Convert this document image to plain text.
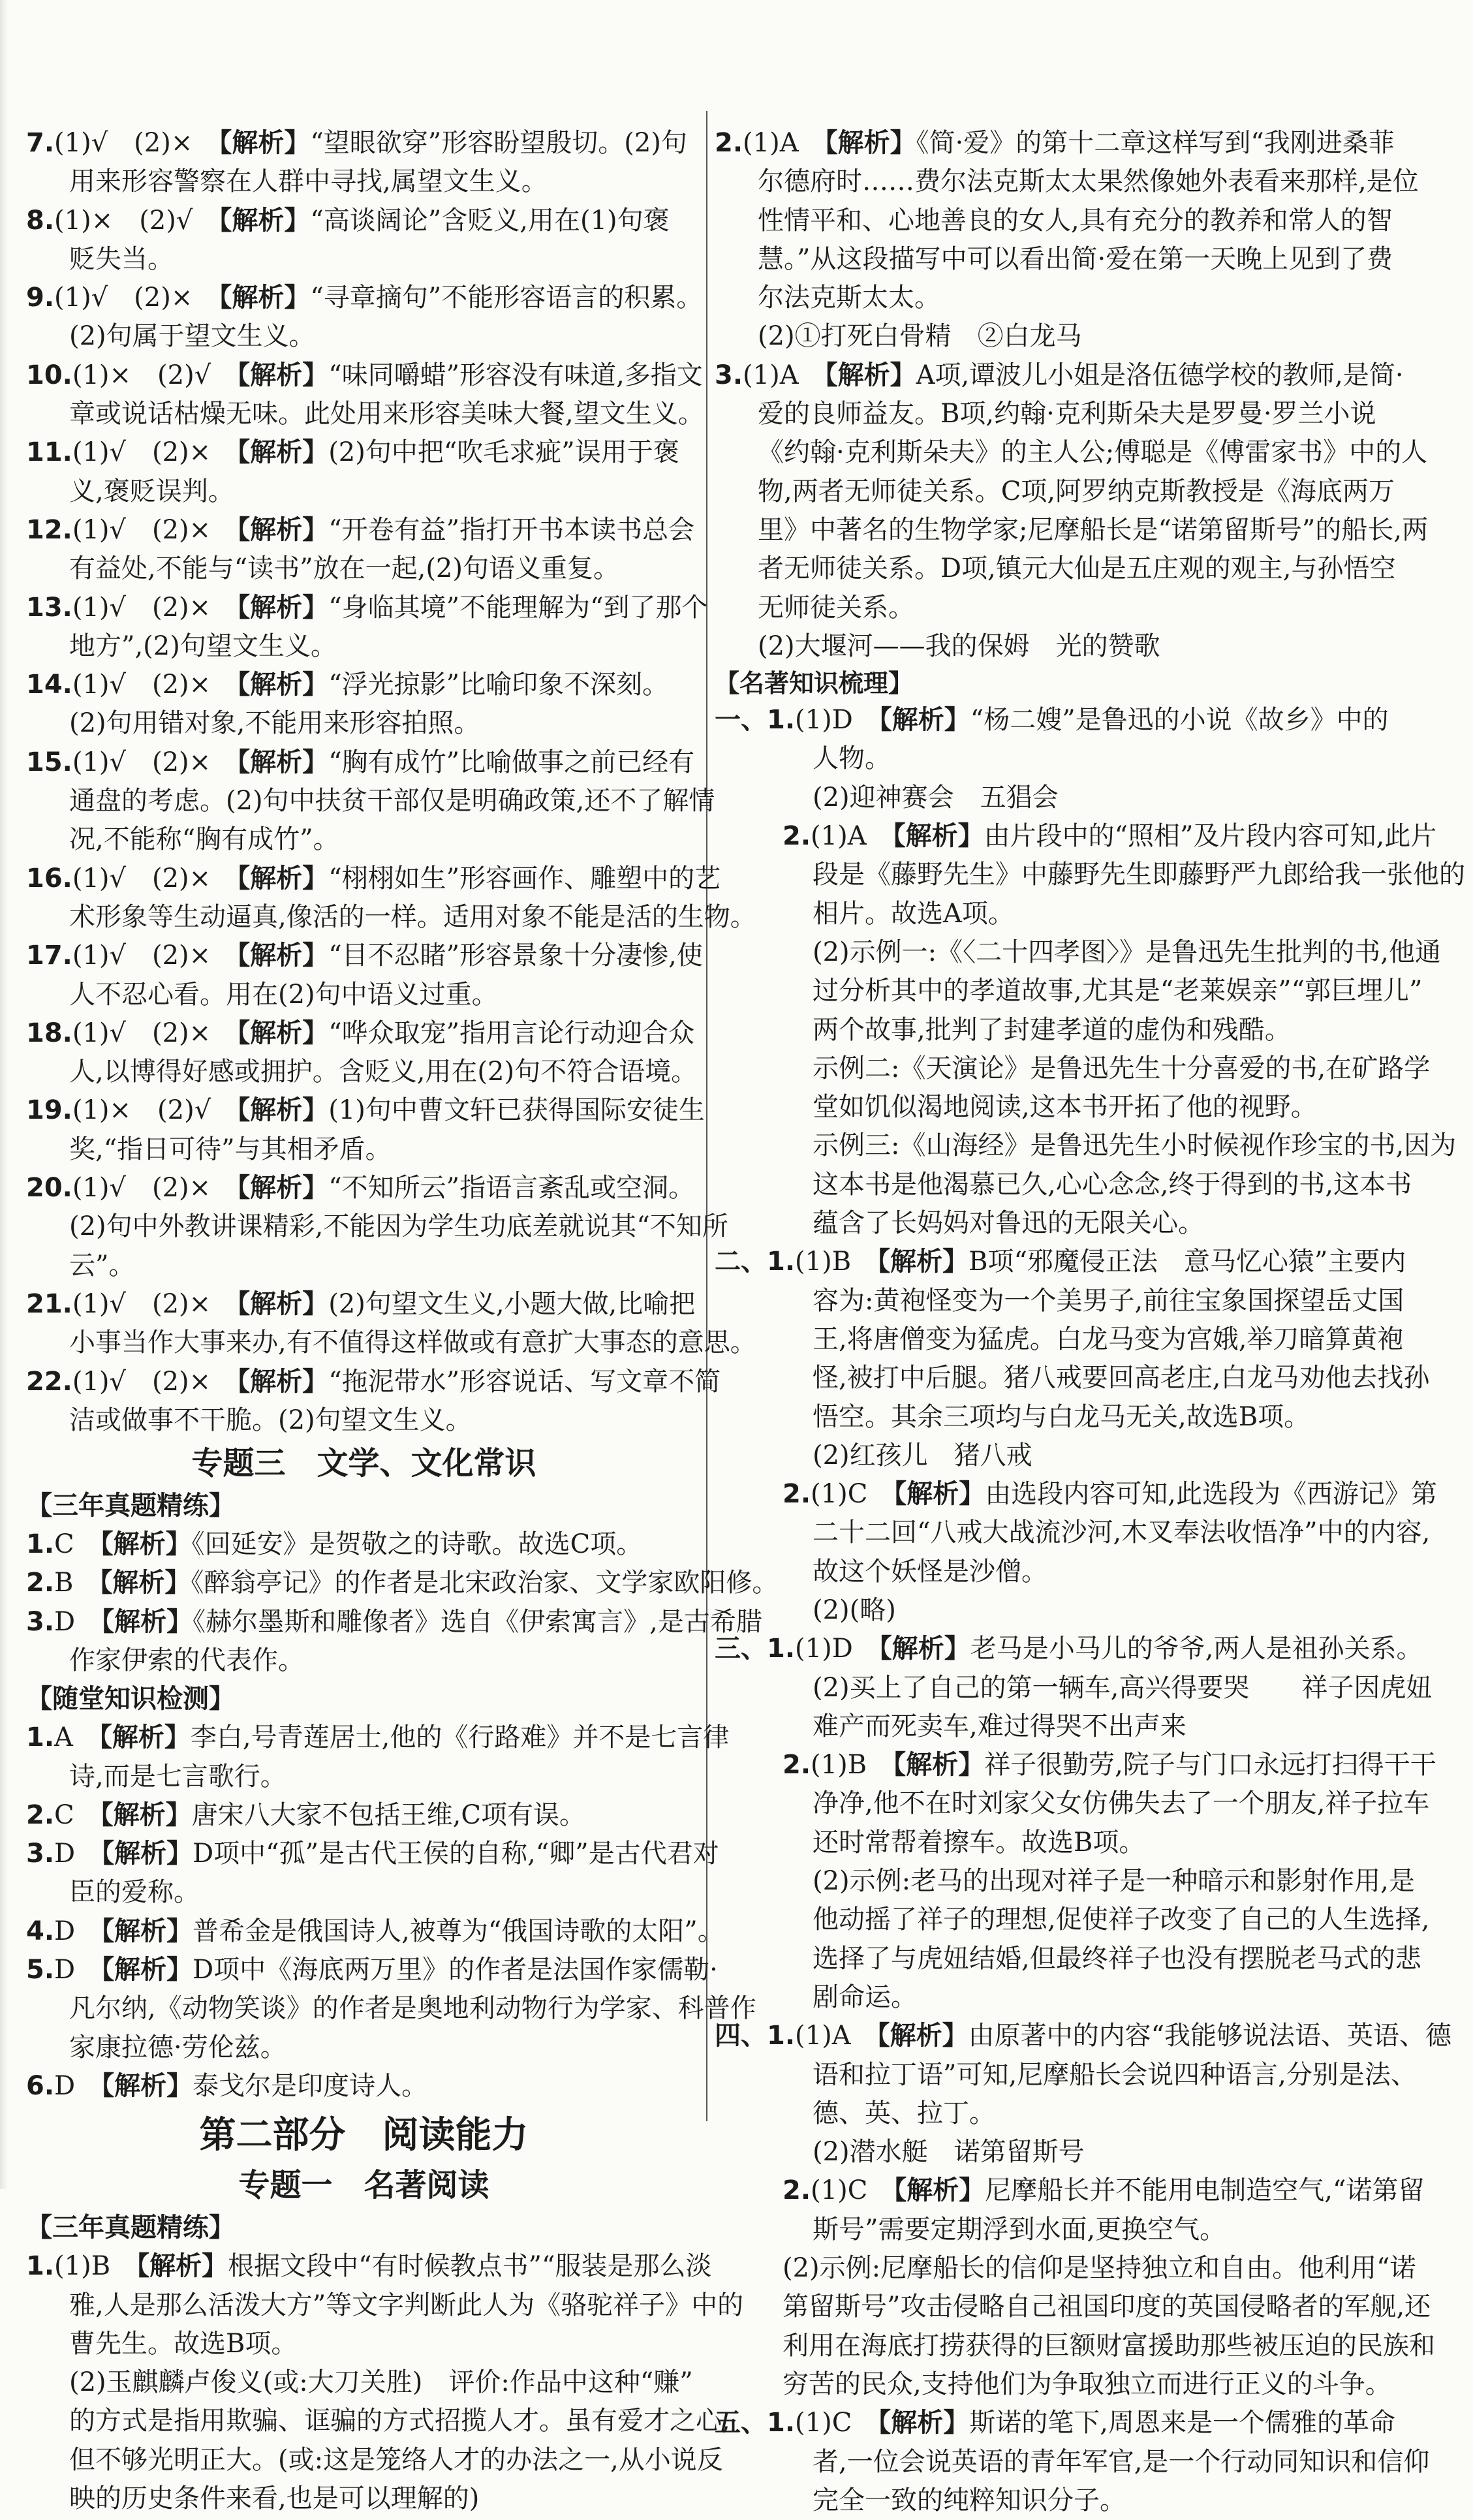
7.(1)√　(2)×　【解析】“望眼欲穿”形容盼望殷切。(2)句

用来形容警察在人群中寻找,属望文生义。

8.(1)×　(2)√　【解析】“高谈阔论”含贬义,用在(1)句褒

贬失当。

9.(1)√　(2)×　【解析】“寻章摘句”不能形容语言的积累。

(2)句属于望文生义。

10.(1)×　(2)√　【解析】“味同嚼蜡”形容没有味道,多指文

章或说话枯燥无味。此处用来形容美味大餐,望文生义。

11.(1)√　(2)×　【解析】(2)句中把“吹毛求疵”误用于褒

义,褒贬误判。

12.(1)√　(2)×　【解析】“开卷有益”指打开书本读书总会

有益处,不能与“读书”放在一起,(2)句语义重复。

13.(1)√　(2)×　【解析】“身临其境”不能理解为“到了那个

地方”,(2)句望文生义。

14.(1)√　(2)×　【解析】“浮光掠影”比喻印象不深刻。

(2)句用错对象,不能用来形容拍照。

15.(1)√　(2)×　【解析】“胸有成竹”比喻做事之前已经有

通盘的考虑。(2)句中扶贫干部仅是明确政策,还不了解情

况,不能称“胸有成竹”。

16.(1)√　(2)×　【解析】“栩栩如生”形容画作、雕塑中的艺

术形象等生动逼真,像活的一样。适用对象不能是活的生物。

17.(1)√　(2)×　【解析】“目不忍睹”形容景象十分凄惨,使

人不忍心看。用在(2)句中语义过重。

18.(1)√　(2)×　【解析】“哗众取宠”指用言论行动迎合众

人,以博得好感或拥护。含贬义,用在(2)句不符合语境。

19.(1)×　(2)√　【解析】(1)句中曹文轩已获得国际安徒生

奖,“指日可待”与其相矛盾。

20.(1)√　(2)×　【解析】“不知所云”指语言紊乱或空洞。

(2)句中外教讲课精彩,不能因为学生功底差就说其“不知所

云”。

21.(1)√　(2)×　【解析】(2)句望文生义,小题大做,比喻把

小事当作大事来办,有不值得这样做或有意扩大事态的意思。

22.(1)√　(2)×　【解析】“拖泥带水”形容说话、写文章不简

洁或做事不干脆。(2)句望文生义。

专题三　文学、文化常识
【三年真题精练】

1.C　【解析】《回延安》是贺敬之的诗歌。故选C项。

2.B　【解析】《醉翁亭记》的作者是北宋政治家、文学家欧阳修。

3.D　【解析】《赫尔墨斯和雕像者》选自《伊索寓言》,是古希腊

作家伊索的代表作。

【随堂知识检测】

1.A　【解析】李白,号青莲居士,他的《行路难》并不是七言律

诗,而是七言歌行。

2.C　【解析】唐宋八大家不包括王维,C项有误。

3.D　【解析】D项中“孤”是古代王侯的自称,“卿”是古代君对

臣的爱称。

4.D　【解析】普希金是俄国诗人,被尊为“俄国诗歌的太阳”。

5.D　【解析】D项中《海底两万里》的作者是法国作家儒勒·

凡尔纳,《动物笑谈》的作者是奥地利动物行为学家、科普作

家康拉德·劳伦兹。

6.D　【解析】泰戈尔是印度诗人。

第二部分　阅读能力
专题一　名著阅读
【三年真题精练】

1.(1)B　【解析】根据文段中“有时候教点书”“服装是那么淡

雅,人是那么活泼大方”等文字判断此人为《骆驼祥子》中的

曹先生。故选B项。

(2)玉麒麟卢俊义(或:大刀关胜)　评价:作品中这种“赚”

的方式是指用欺骗、诓骗的方式招揽人才。虽有爱才之心,

但不够光明正大。(或:这是笼络人才的办法之一,从小说反

映的历史条件来看,也是可以理解的)

2.(1)A　【解析】《简·爱》的第十二章这样写到“我刚进桑菲

尔德府时……费尔法克斯太太果然像她外表看来那样,是位

性情平和、心地善良的女人,具有充分的教养和常人的智

慧。”从这段描写中可以看出简·爱在第一天晚上见到了费

尔法克斯太太。

(2)①打死白骨精　②白龙马

3.(1)A　【解析】A项,谭波儿小姐是洛伍德学校的教师,是简·

爱的良师益友。B项,约翰·克利斯朵夫是罗曼·罗兰小说

《约翰·克利斯朵夫》的主人公;傅聪是《傅雷家书》中的人

物,两者无师徒关系。C项,阿罗纳克斯教授是《海底两万

里》中著名的生物学家;尼摩船长是“诺第留斯号”的船长,两

者无师徒关系。D项,镇元大仙是五庄观的观主,与孙悟空

无师徒关系。

(2)大堰河——我的保姆　光的赞歌

【名著知识梳理】

一、1.(1)D　【解析】“杨二嫂”是鲁迅的小说《故乡》中的

人物。

(2)迎神赛会　五猖会

2.(1)A　【解析】由片段中的“照相”及片段内容可知,此片

段是《藤野先生》中藤野先生即藤野严九郎给我一张他的

相片。故选A项。

(2)示例一:《〈二十四孝图〉》是鲁迅先生批判的书,他通

过分析其中的孝道故事,尤其是“老莱娱亲”“郭巨埋儿”

两个故事,批判了封建孝道的虚伪和残酷。

示例二:《天演论》是鲁迅先生十分喜爱的书,在矿路学

堂如饥似渴地阅读,这本书开拓了他的视野。

示例三:《山海经》是鲁迅先生小时候视作珍宝的书,因为

这本书是他渴慕已久,心心念念,终于得到的书,这本书

蕴含了长妈妈对鲁迅的无限关心。

二、1.(1)B　【解析】B项“邪魔侵正法　意马忆心猿”主要内

容为:黄袍怪变为一个美男子,前往宝象国探望岳丈国

王,将唐僧变为猛虎。白龙马变为宫娥,举刀暗算黄袍

怪,被打中后腿。猪八戒要回高老庄,白龙马劝他去找孙

悟空。其余三项均与白龙马无关,故选B项。

(2)红孩儿　猪八戒

2.(1)C　【解析】由选段内容可知,此选段为《西游记》第

二十二回“八戒大战流沙河,木叉奉法收悟净”中的内容,

故这个妖怪是沙僧。

(2)(略)

三、1.(1)D　【解析】老马是小马儿的爷爷,两人是祖孙关系。

(2)买上了自己的第一辆车,高兴得要哭　　祥子因虎妞

难产而死卖车,难过得哭不出声来

2.(1)B　【解析】祥子很勤劳,院子与门口永远打扫得干干

净净,他不在时刘家父女仿佛失去了一个朋友,祥子拉车

还时常帮着擦车。故选B项。

(2)示例:老马的出现对祥子是一种暗示和影射作用,是

他动摇了祥子的理想,促使祥子改变了自己的人生选择,

选择了与虎妞结婚,但最终祥子也没有摆脱老马式的悲

剧命运。

四、1.(1)A　【解析】由原著中的内容“我能够说法语、英语、德

语和拉丁语”可知,尼摩船长会说四种语言,分别是法、

德、英、拉丁。

(2)潜水艇　诺第留斯号

2.(1)C　【解析】尼摩船长并不能用电制造空气,“诺第留

斯号”需要定期浮到水面,更换空气。

(2)示例:尼摩船长的信仰是坚持独立和自由。他利用“诺

第留斯号”攻击侵略自己祖国印度的英国侵略者的军舰,还

利用在海底打捞获得的巨额财富援助那些被压迫的民族和

穷苦的民众,支持他们为争取独立而进行正义的斗争。

五、1.(1)C　【解析】斯诺的笔下,周恩来是一个儒雅的革命

者,一位会说英语的青年军官,是一个行动同知识和信仰

完全一致的纯粹知识分子。
